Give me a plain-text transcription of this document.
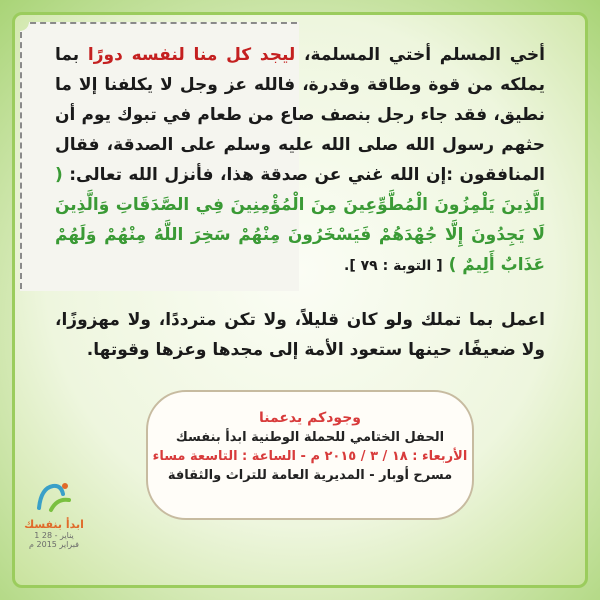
أخي المسلم أختي المسلمة، ليجد كل منا لنفسه دورًا بما يملكه من قوة وطاقة وقدرة، فالله عز وجل لا يكلفنا إلا ما نطيق، فقد جاء رجل بنصف صاع من طعام في تبوك يوم أن حثهم رسول الله صلى الله عليه وسلم على الصدقة، فقال المنافقون :إن الله غني عن صدقة هذا، فأنزل الله تعالى: ( الَّذِينَ يَلْمِزُونَ الْمُطَّوِّعِينَ مِنَ الْمُؤْمِنِينَ فِي الصَّدَقَاتِ وَالَّذِينَ لَا يَجِدُونَ إِلَّا جُهْدَهُمْ فَيَسْخَرُونَ مِنْهُمْ سَخِرَ اللَّهُ مِنْهُمْ وَلَهُمْ عَذَابٌ أَلِيمٌ ) [ التوبة : ٧٩ ].
اعمل بما تملك ولو كان قليلاً، ولا تكن مترددًا، ولا مهزوزًا، ولا ضعيفًا، حينها ستعود الأمة إلى مجدها وعزها وقوتها.
وجودكم يدعمنا
الحفل الختامي للحملة الوطنية ابدأ بنفسك
الأربعاء : ١٨ / ٣ / ٢٠١٥ م - الساعة : التاسعة مساء
مسرح أوبار - المديرية العامة للتراث والثقافة
ابدأ بنفسك
1 يناير - 28 فبراير 2015 م
